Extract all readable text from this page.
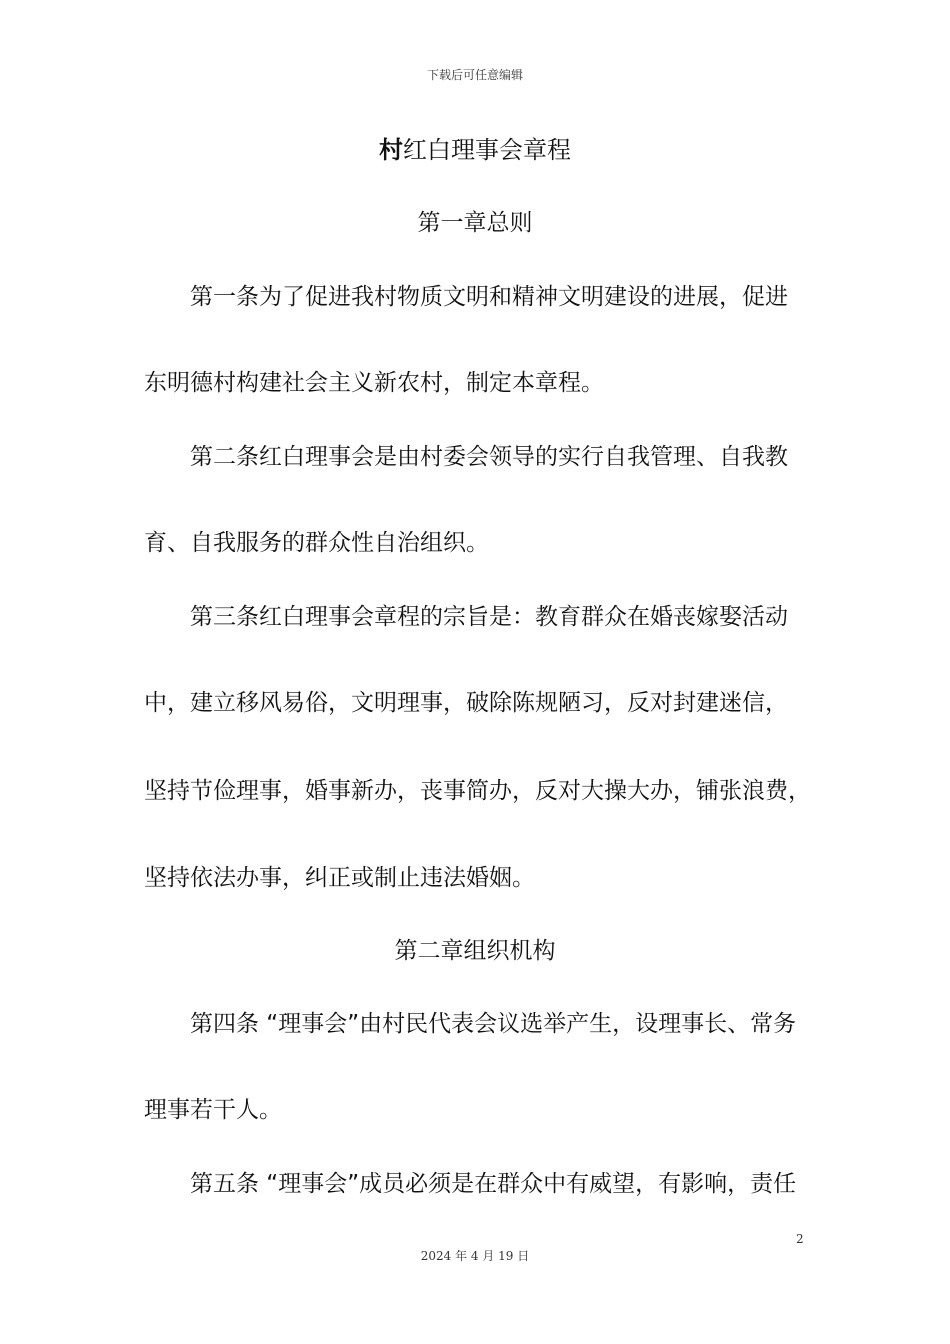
下载后可任意编辑
村红白理事会章程
第一章总则
第一条为了促进我村物质文明和精神文明建设的进展，促进
东明德村构建社会主义新农村，制定本章程。
第二条红白理事会是由村委会领导的实行自我管理、自我教
育、自我服务的群众性自治组织。
第三条红白理事会章程的宗旨是：教育群众在婚丧嫁娶活动
中，建立移风易俗，文明理事，破除陈规陋习，反对封建迷信，
坚持节俭理事，婚事新办，丧事简办，反对大操大办，铺张浪费，
坚持依法办事，纠正或制止违法婚姻。
第二章组织机构
第四条 “理事会”由村民代表会议选举产生，设理事长、常务
理事若干人。
第五条 “理事会”成员必须是在群众中有威望，有影响，责任
2
2024 年 4 月 19 日
